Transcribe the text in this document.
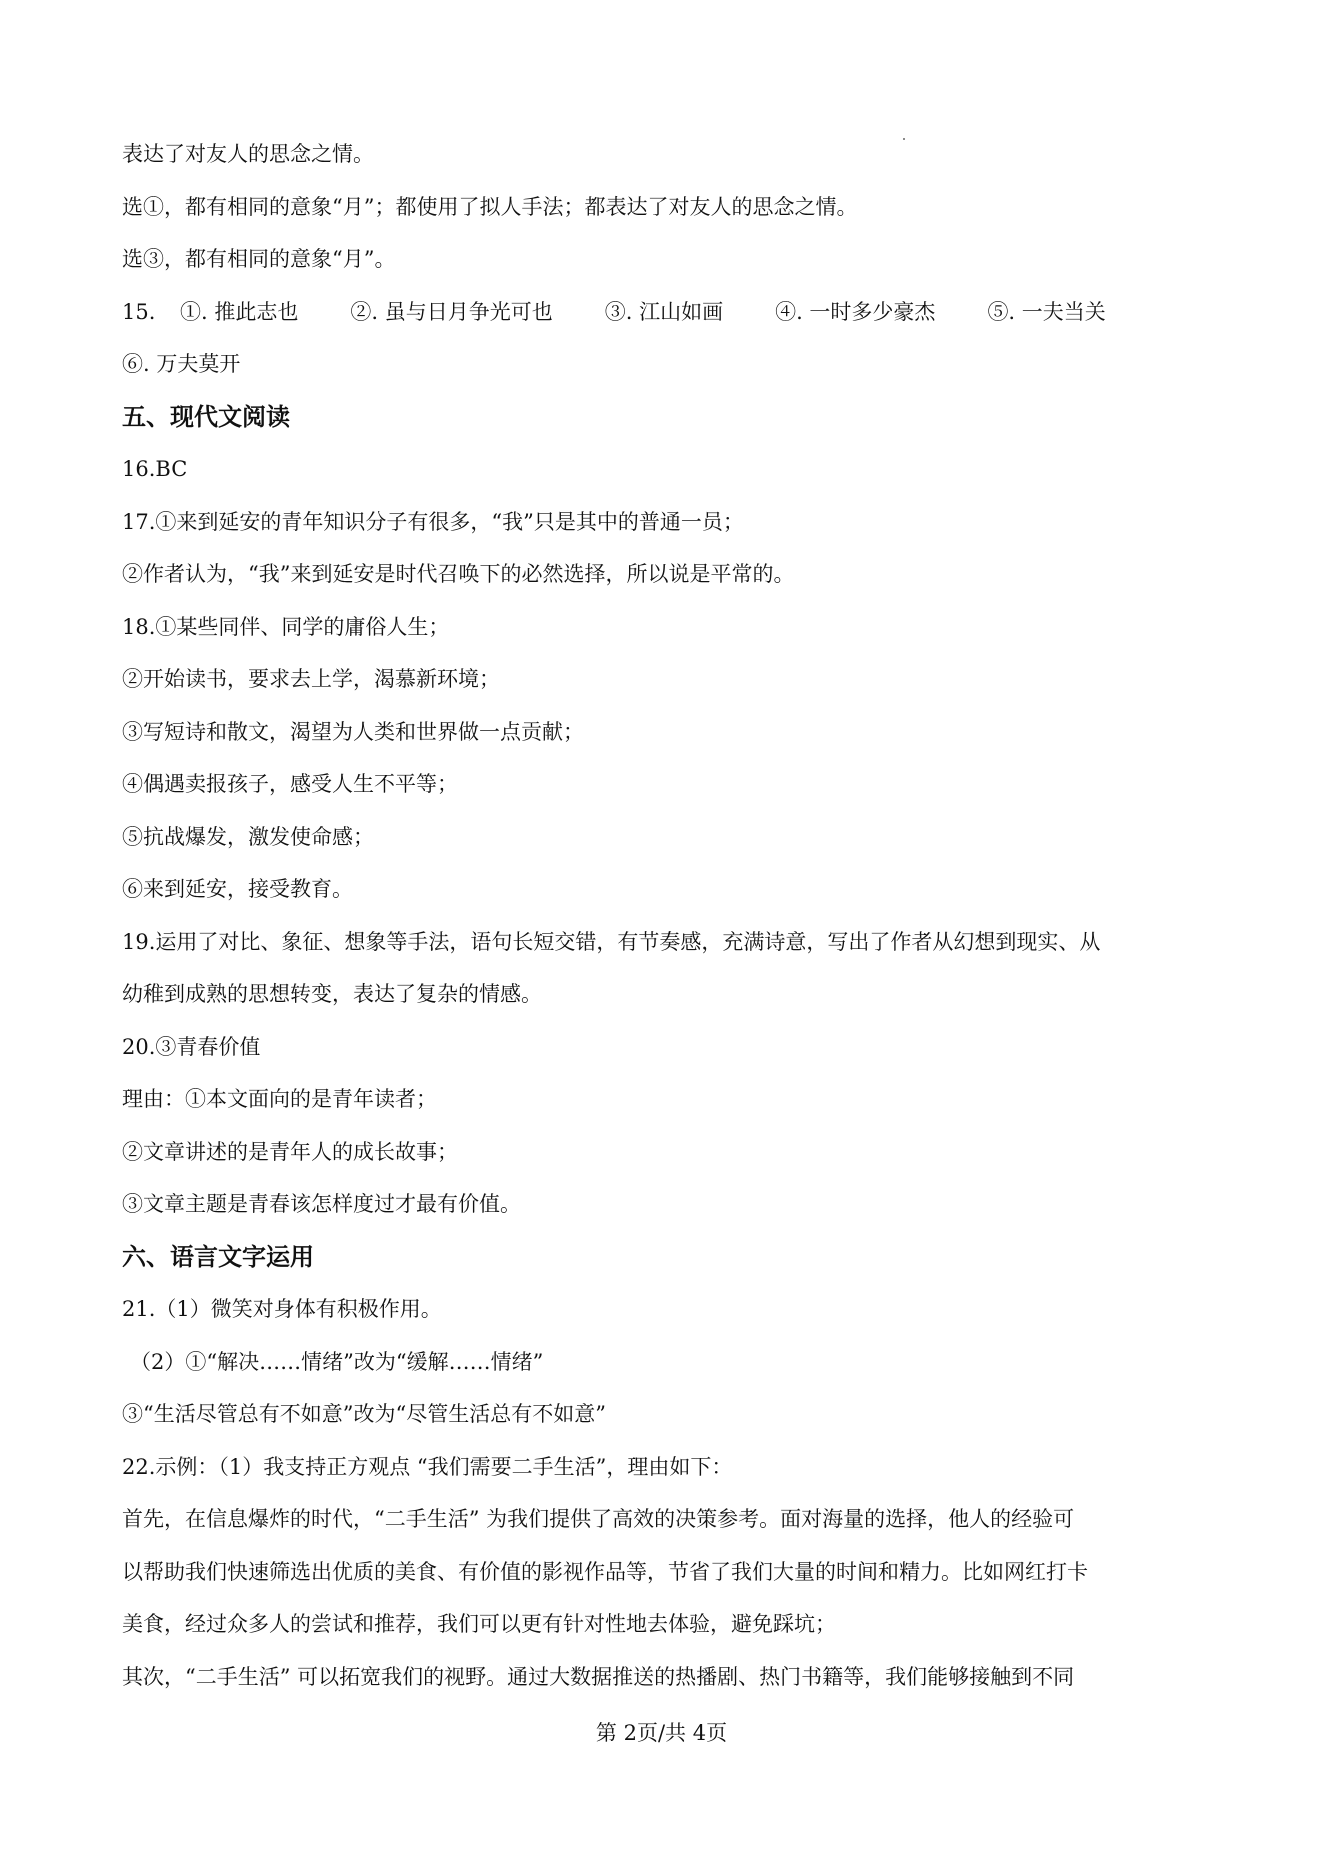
表达了对友人的思念之情。

选①，都有相同的意象“月”；都使用了拟人手法；都表达了对友人的思念之情。

选③，都有相同的意象“月”。

15.	①. 推此志也 ②. 虽与日月争光可也 ③. 江山如画 ④. 一时多少豪杰 ⑤. 一夫当关

⑥. 万夫莫开

五、现代文阅读

16.BC

17.①来到延安的青年知识分子有很多，“我”只是其中的普通一员；

②作者认为，“我”来到延安是时代召唤下的必然选择，所以说是平常的。

18.①某些同伴、同学的庸俗人生；

②开始读书，要求去上学，渴慕新环境；

③写短诗和散文，渴望为人类和世界做一点贡献；

④偶遇卖报孩子，感受人生不平等；

⑤抗战爆发，激发使命感；

⑥来到延安，接受教育。

19.运用了对比、象征、想象等手法，语句长短交错，有节奏感，充满诗意，写出了作者从幻想到现实、从

幼稚到成熟的思想转变，表达了复杂的情感。

20.③青春价值

理由：①本文面向的是青年读者；

②文章讲述的是青年人的成长故事；

③文章主题是青春该怎样度过才最有价值。

六、语言文字运用

21.（1）微笑对身体有积极作用。

（2）①“解决……情绪”改为“缓解……情绪”

③“生活尽管总有不如意”改为“尽管生活总有不如意”

22.示例：（1）我支持正方观点 “我们需要二手生活”，理由如下：

首先，在信息爆炸的时代，“二手生活” 为我们提供了高效的决策参考。面对海量的选择，他人的经验可

以帮助我们快速筛选出优质的美食、有价值的影视作品等，节省了我们大量的时间和精力。比如网红打卡

美食，经过众多人的尝试和推荐，我们可以更有针对性地去体验，避免踩坑；

其次，“二手生活” 可以拓宽我们的视野。通过大数据推送的热播剧、热门书籍等，我们能够接触到不同

第 2页/共 4页
